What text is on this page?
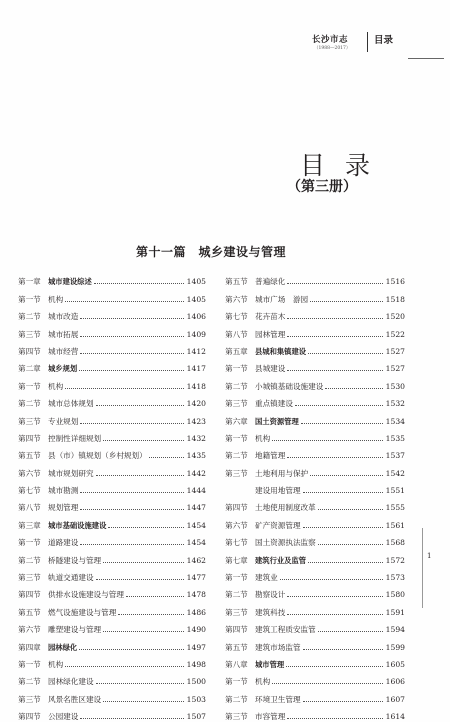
长沙市志
（1988—2017）
目录
目 录
（第三册）
第十一篇　城乡建设与管理
第一章 城市建设综述	1405
第一节 机构	1405
第二节 城市改造	1406
第三节 城市拓展	1409
第四节 城市经营	1412
第二章 城乡规划	1417
第一节 机构	1418
第二节 城市总体规划	1420
第三节 专业规划	1423
第四节 控制性详细规划	1432
第五节 县（市）镇规划（乡村规划）	1435
第六节 城市规划研究	1442
第七节 城市勘测	1444
第八节 规划管理	1447
第三章 城市基础设施建设	1454
第一节 道路建设	1454
第二节 桥隧建设与管理	1462
第三节 轨道交通建设	1477
第四节 供排水设施建设与管理	1478
第五节 燃气设施建设与管理	1486
第六节 雕塑建设与管理	1490
第四章 园林绿化	1497
第一节 机构	1498
第二节 园林绿化建设	1500
第三节 风景名胜区建设	1503
第四节 公园建设	1507
第五节 普遍绿化	1516
第六节 城市广场　游园	1518
第七节 花卉苗木	1520
第八节 园林管理	1522
第五章 县城和集镇建设	1527
第一节 县城建设	1527
第二节 小城镇基础设施建设	1530
第三节 重点镇建设	1532
第六章 国土资源管理	1534
第一节 机构	1535
第二节 地籍管理	1537
第三节 土地利用与保护	1542
建设用地管理	1551
第四节 土地使用制度改革	1555
第六节 矿产资源管理	1561
第七节 国土资源执法监察	1568
第七章 建筑行业及监管	1572
第一节 建筑业	1573
第二节 勘察设计	1580
第三节 建筑科技	1591
第四节 建筑工程质安监管	1594
第五节 建筑市场监管	1599
第八章 城市管理	1605
第一节 机构	1606
第二节 环境卫生管理	1607
第三节 市容管理	1614
1
